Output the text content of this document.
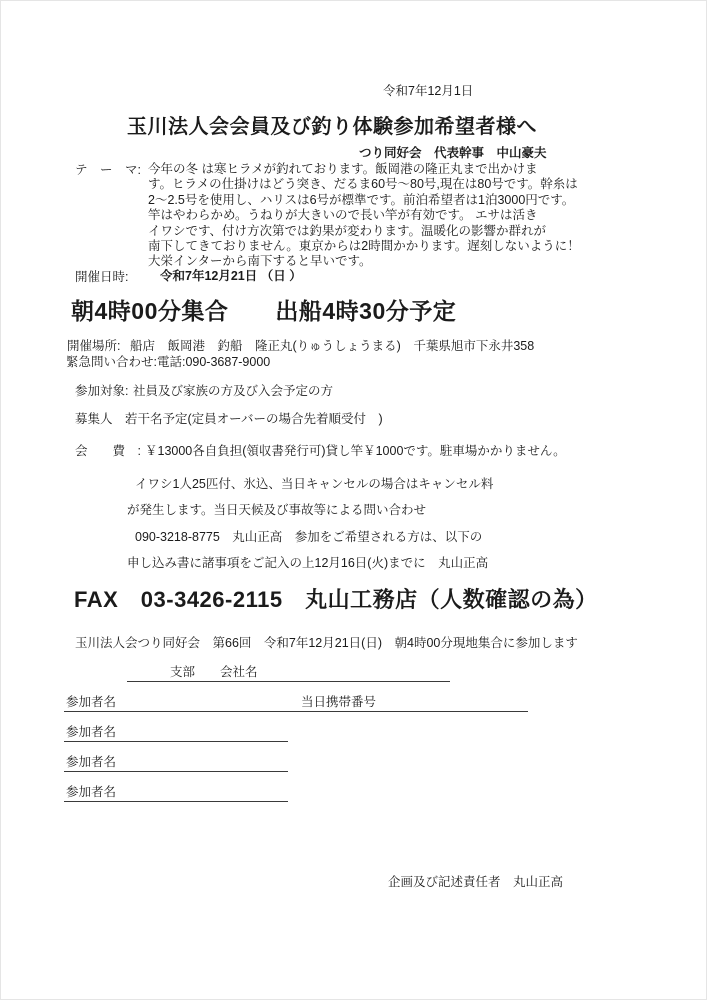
令和7年12月1日
玉川法人会会員及び釣り体験参加希望者様へ
つり同好会　代表幹事　中山豪夫
テ　ー　マ: 今年の冬 は寒ヒラメが釣れております。飯岡港の隆正丸まで出かけま
す。ヒラメの仕掛けはどう突き、だるま60号～80号,現在は80号です。幹糸は
2～2.5号を使用し、ハリスは6号が標準です。前泊希望者は1泊3000円です。
竿はやわらかめ。うねりが大きいので長い竿が有効です。 エサは活き
イワシです、付け方次第では釣果が変わります。温暖化の影響か群れが
南下してきておりません。東京からは2時間かかります。遅刻しないように！
大栄インターから南下すると早いです。
開催日時:	令和7年12月21日 （日 ）
朝4時00分集合　　出船4時30分予定
開催場所: 船店　飯岡港　釣船　隆正丸(りゅうしょうまる)　千葉県旭市下永井358
緊急問い合わせ:電話:090-3687-9000
参加対象: 社員及び家族の方及び入会予定の方
募集人　:
若干名予定(定員オーバーの場合先着順受付　)
会　　費　: ￥13000各自負担(領収書発行可)貸し竿￥1000です。駐車場かかりません。
イワシ1人25匹付、氷込、当日キャンセルの場合はキャンセル料
が発生します。当日天候及び事故等による問い合わせ
090-3218-8775　丸山正高　参加をご希望される方は、以下の
申し込み書に諸事項をご記入の上12月16日(火)までに　丸山正高
FAX　03-3426-2115　丸山工務店（人数確認の為）
玉川法人会つり同好会　第66回　令和7年12月21日(日)　朝4時00分現地集合に参加します
支部 会社名
参加者名	当日携帯番号
参加者名
参加者名
参加者名
企画及び記述責任者　丸山正高
